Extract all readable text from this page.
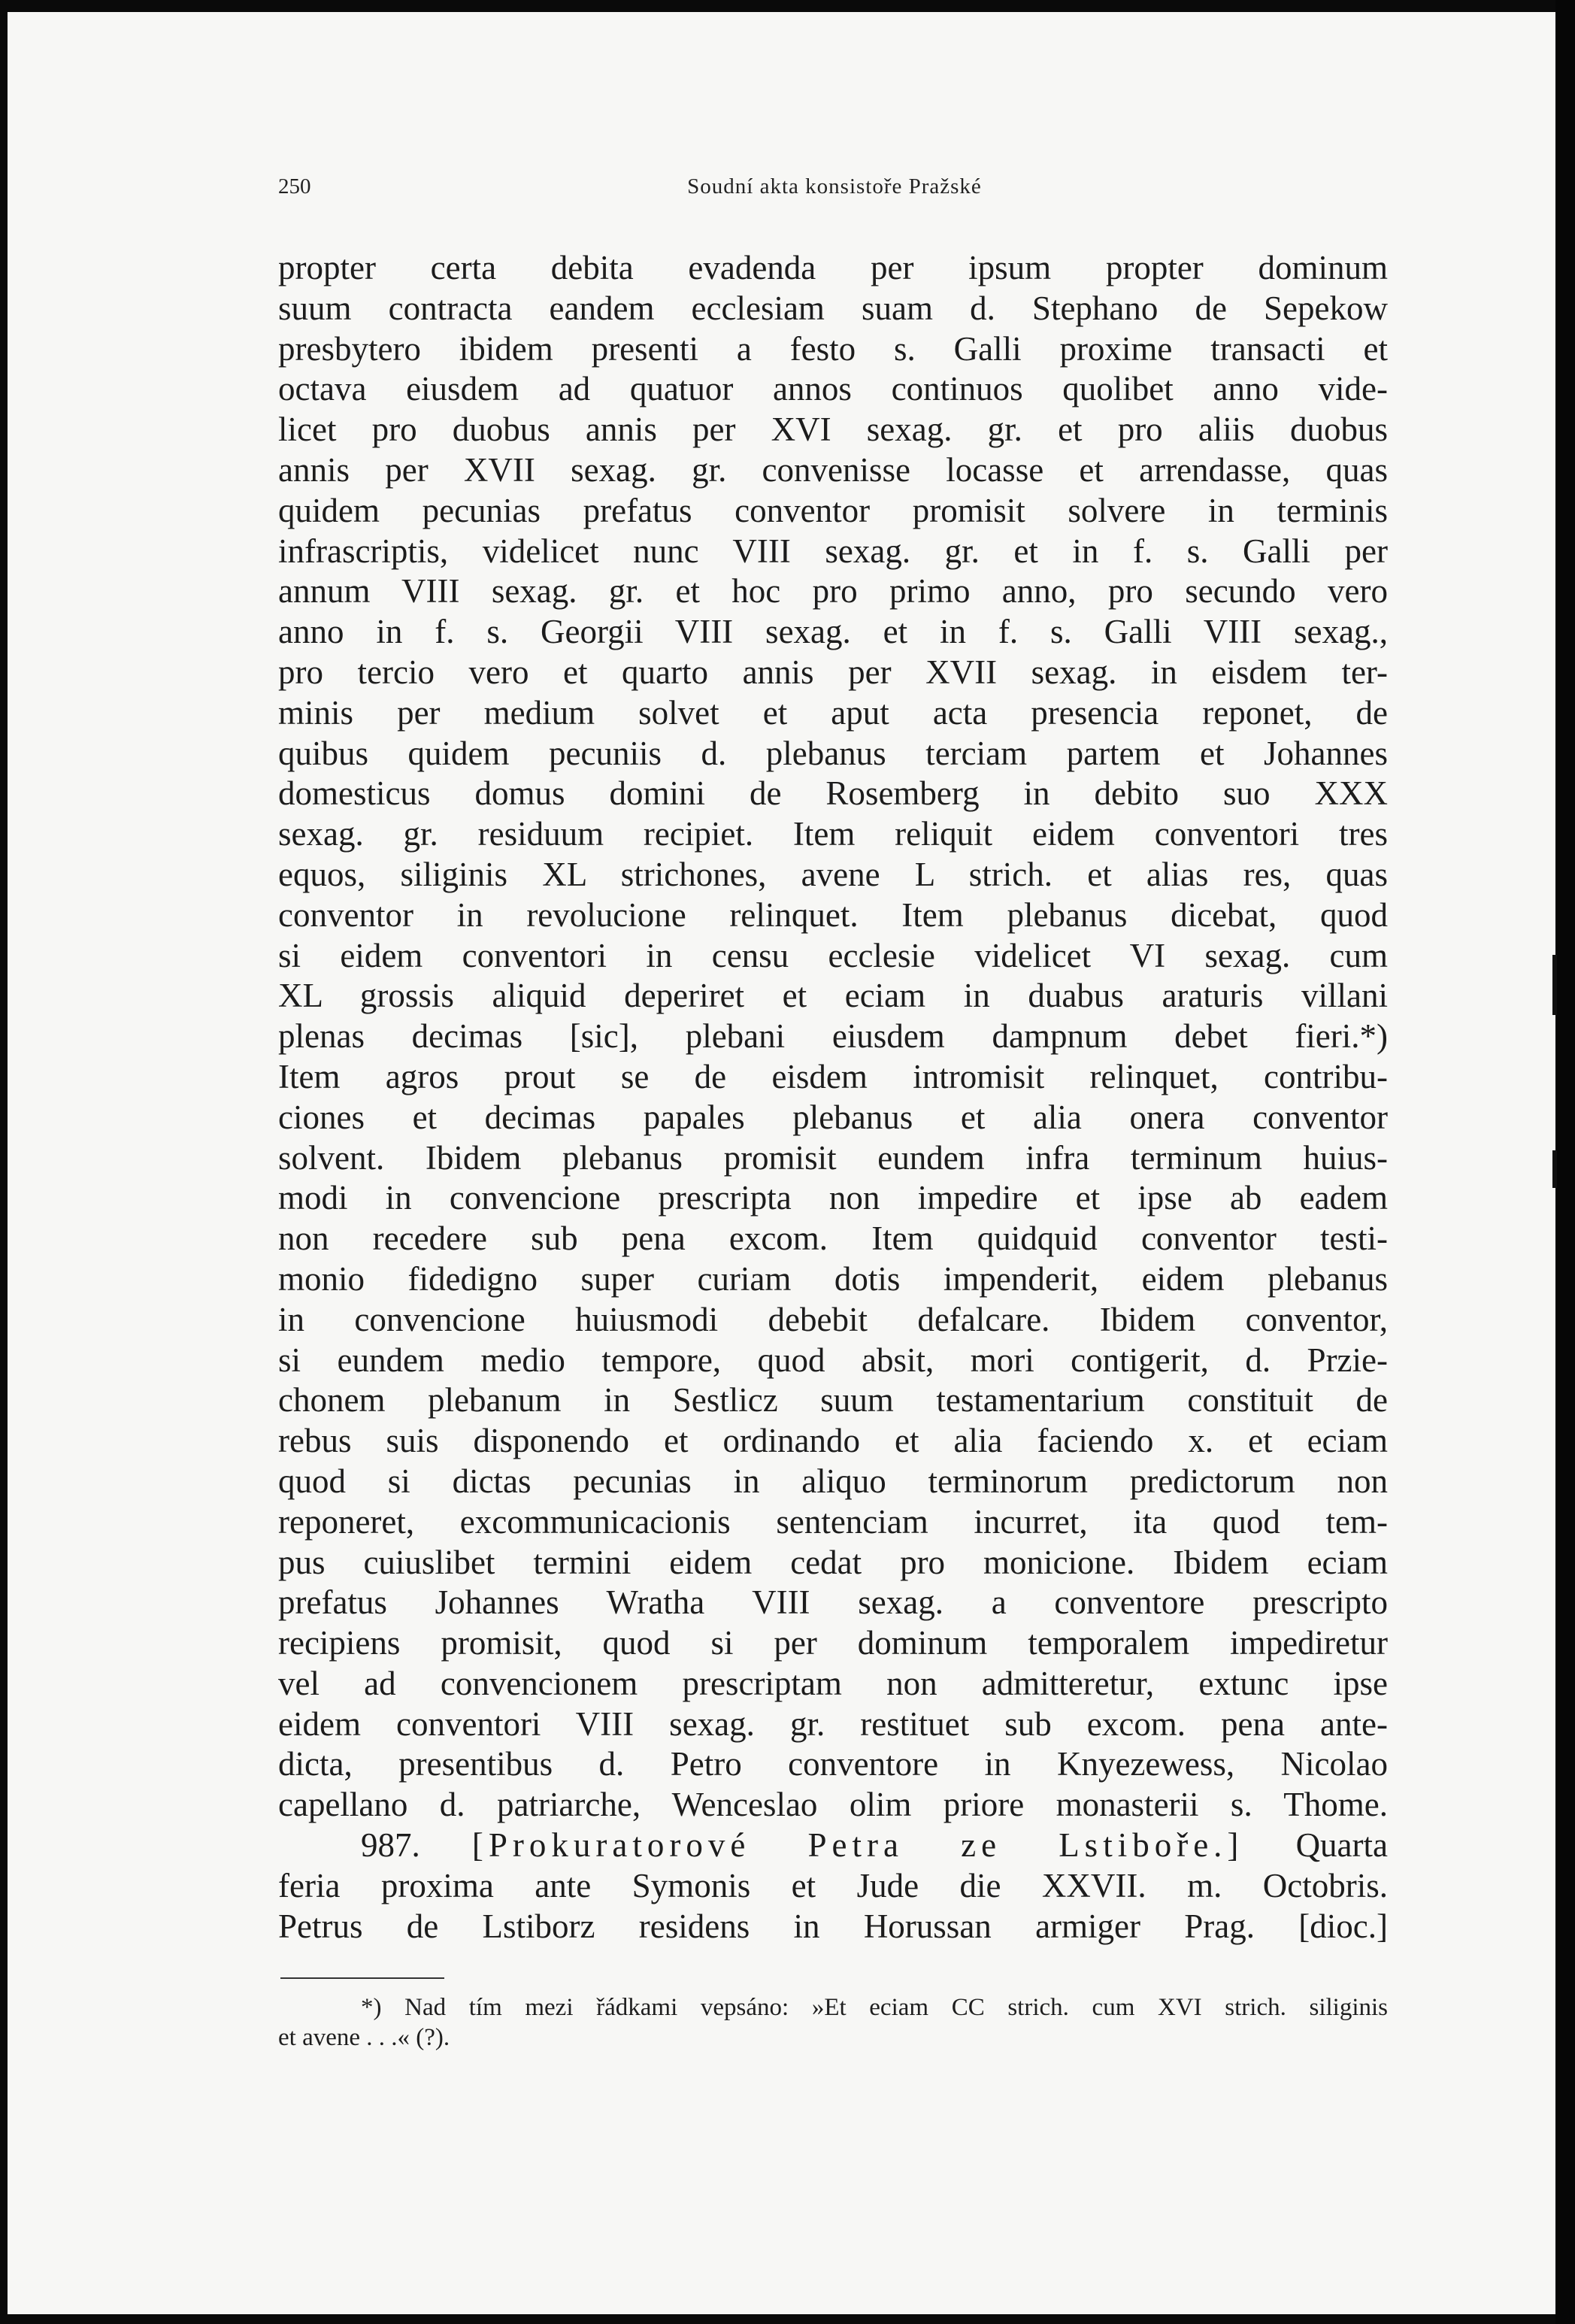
250	Soudní akta konsistoře Pražské
propter certa debita evadenda per ipsum propter dominum
suum contracta eandem ecclesiam suam d. Stephano de Sepekow
presbytero ibidem presenti a festo s. Galli proxime transacti et
octava eiusdem ad quatuor annos continuos quolibet anno vide-
licet pro duobus annis per XVI sexag. gr. et pro aliis duobus
annis per XVII sexag. gr. convenisse locasse et arrendasse, quas
quidem pecunias prefatus conventor promisit solvere in terminis
infrascriptis, videlicet nunc VIII sexag. gr. et in f. s. Galli per
annum VIII sexag. gr. et hoc pro primo anno, pro secundo vero
anno in f. s. Georgii VIII sexag. et in f. s. Galli VIII sexag.,
pro tercio vero et quarto annis per XVII sexag. in eisdem ter-
minis per medium solvet et aput acta presencia reponet, de
quibus quidem pecuniis d. plebanus terciam partem et Johannes
domesticus domus domini de Rosemberg in debito suo XXX
sexag. gr. residuum recipiet. Item reliquit eidem conventori tres
equos, siliginis XL strichones, avene L strich. et alias res, quas
conventor in revolucione relinquet. Item plebanus dicebat, quod
si eidem conventori in censu ecclesie videlicet VI sexag. cum
XL grossis aliquid deperiret et eciam in duabus araturis villani
plenas decimas [sic], plebani eiusdem dampnum debet fieri.*)
Item agros prout se de eisdem intromisit relinquet, contribu-
ciones et decimas papales plebanus et alia onera conventor
solvent. Ibidem plebanus promisit eundem infra terminum huius-
modi in convencione prescripta non impedire et ipse ab eadem
non recedere sub pena excom. Item quidquid conventor testi-
monio fidedigno super curiam dotis impenderit, eidem plebanus
in convencione huiusmodi debebit defalcare. Ibidem conventor,
si eundem medio tempore, quod absit, mori contigerit, d. Przie-
chonem plebanum in Sestlicz suum testamentarium constituit de
rebus suis disponendo et ordinando et alia faciendo x. et eciam
quod si dictas pecunias in aliquo terminorum predictorum non
reponeret, excommunicacionis sentenciam incurret, ita quod tem-
pus cuiuslibet termini eidem cedat pro monicione. Ibidem eciam
prefatus Johannes Wratha VIII sexag. a conventore prescripto
recipiens promisit, quod si per dominum temporalem impediretur
vel ad convencionem prescriptam non admitteretur, extunc ipse
eidem conventori VIII sexag. gr. restituet sub excom. pena ante-
dicta, presentibus d. Petro conventore in Knyezewess, Nicolao
capellano d. patriarche, Wenceslao olim priore monasterii s. Thome.
987. [Prokuratorové Petra ze Lstiboře.] Quarta
feria proxima ante Symonis et Jude die XXVII. m. Octobris.
Petrus de Lstiborz residens in Horussan armiger Prag. [dioc.]
*) Nad tím mezi řádkami vepsáno: »Et eciam CC strich. cum XVI strich. siliginis
et avene . . .« (?).
